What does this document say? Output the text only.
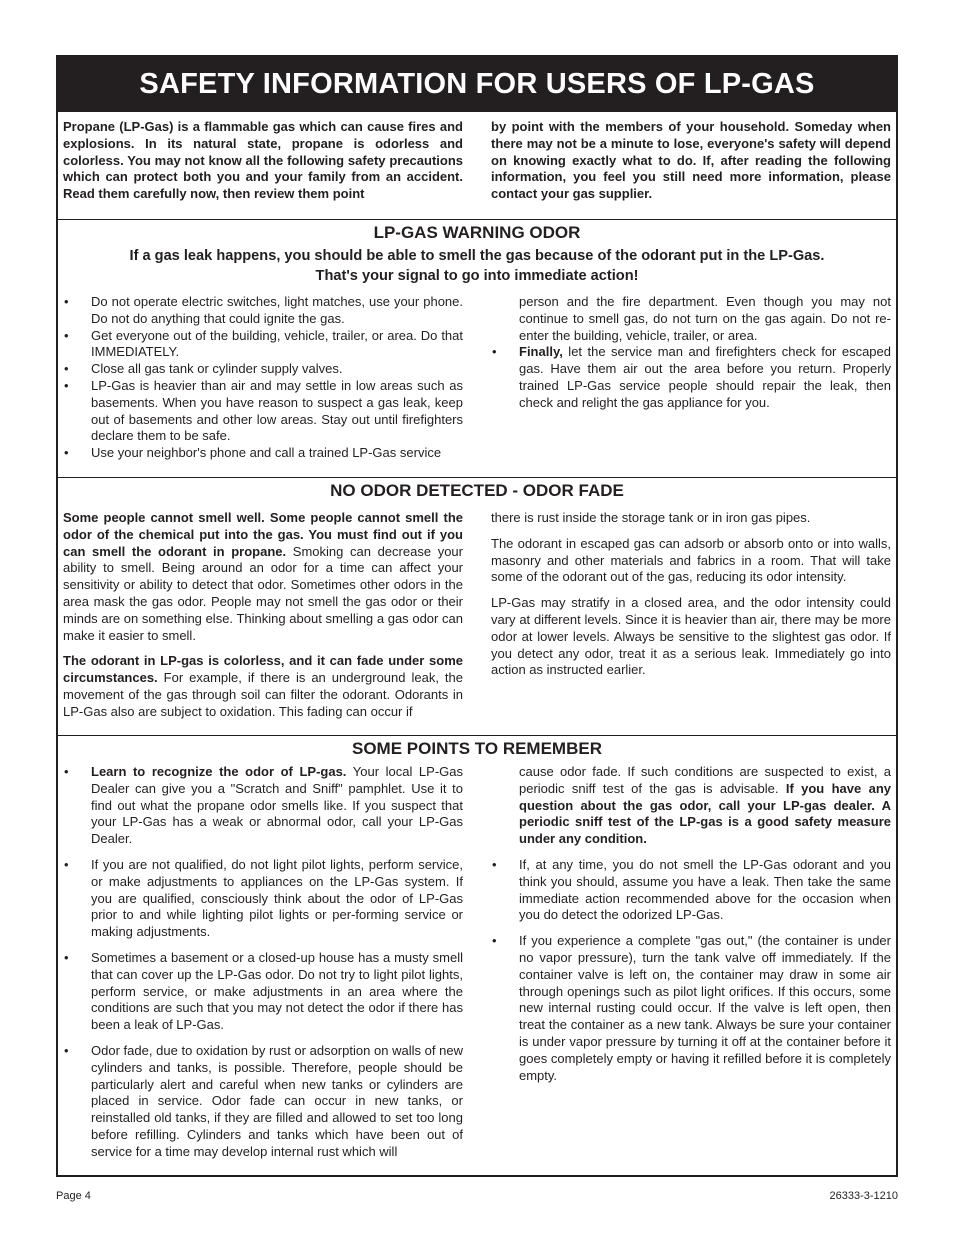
SAFETY INFORMATION FOR USERS OF LP-GAS
Propane (LP-Gas) is a flammable gas which can cause fires and explosions. In its natural state, propane is odorless and colorless. You may not know all the following safety precautions which can protect both you and your family from an accident. Read them carefully now, then review them point
by point with the members of your household. Someday when there may not be a minute to lose, everyone's safety will depend on knowing exactly what to do. If, after reading the following information, you feel you still need more information, please contact your gas supplier.
LP-GAS WARNING ODOR
If a gas leak happens, you should be able to smell the gas because of the odorant put in the LP-Gas.
That's your signal to go into immediate action!
• Do not operate electric switches, light matches, use your phone. Do not do anything that could ignite the gas.
• Get everyone out of the building, vehicle, trailer, or area. Do that IMMEDIATELY.
• Close all gas tank or cylinder supply valves.
• LP-Gas is heavier than air and may settle in low areas such as basements. When you have reason to suspect a gas leak, keep out of basements and other low areas. Stay out until firefighters declare them to be safe.
• Use your neighbor's phone and call a trained LP-Gas service
person and the fire department. Even though you may not continue to smell gas, do not turn on the gas again. Do not re-enter the building, vehicle, trailer, or area.
• Finally, let the service man and firefighters check for escaped gas. Have them air out the area before you return. Properly trained LP-Gas service people should repair the leak, then check and relight the gas appliance for you.
NO ODOR DETECTED - ODOR FADE

Some people cannot smell well. Some people cannot smell the odor of the chemical put into the gas. You must find out if you can smell the odorant in propane. Smoking can decrease your ability to smell. Being around an odor for a time can affect your sensitivity or ability to detect that odor. Sometimes other odors in the area mask the gas odor. People may not smell the gas odor or their minds are on something else. Thinking about smelling a gas odor can make it easier to smell.

The odorant in LP-gas is colorless, and it can fade under some circumstances. For example, if there is an underground leak, the movement of the gas through soil can filter the odorant. Odorants in LP-Gas also are subject to oxidation. This fading can occur if

there is rust inside the storage tank or in iron gas pipes.

The odorant in escaped gas can adsorb or absorb onto or into walls, masonry and other materials and fabrics in a room. That will take some of the odorant out of the gas, reducing its odor intensity.

LP-Gas may stratify in a closed area, and the odor intensity could vary at different levels. Since it is heavier than air, there may be more odor at lower levels. Always be sensitive to the slightest gas odor. If you detect any odor, treat it as a serious leak. Immediately go into action as instructed earlier.

SOME POINTS TO REMEMBER
• Learn to recognize the odor of LP-gas. Your local LP-Gas Dealer can give you a "Scratch and Sniff" pamphlet. Use it to find out what the propane odor smells like. If you suspect that your LP-Gas has a weak or abnormal odor, call your LP-Gas Dealer.
• If you are not qualified, do not light pilot lights, perform service, or make adjustments to appliances on the LP-Gas system. If you are qualified, consciously think about the odor of LP-Gas prior to and while lighting pilot lights or per-forming service or making adjustments.
• Sometimes a basement or a closed-up house has a musty smell that can cover up the LP-Gas odor. Do not try to light pilot lights, perform service, or make adjustments in an area where the conditions are such that you may not detect the odor if there has been a leak of LP-Gas.
• Odor fade, due to oxidation by rust or adsorption on walls of new cylinders and tanks, is possible. Therefore, people should be particularly alert and careful when new tanks or cylinders are placed in service. Odor fade can occur in new tanks, or reinstalled old tanks, if they are filled and allowed to set too long before refilling. Cylinders and tanks which have been out of service for a time may develop internal rust which will
cause odor fade. If such conditions are suspected to exist, a periodic sniff test of the gas is advisable. If you have any question about the gas odor, call your LP-gas dealer. A periodic sniff test of the LP-gas is a good safety measure under any condition.
• If, at any time, you do not smell the LP-Gas odorant and you think you should, assume you have a leak. Then take the same immediate action recommended above for the occasion when you do detect the odorized LP-Gas.
• If you experience a complete "gas out," (the container is under no vapor pressure), turn the tank valve off immediately. If the container valve is left on, the container may draw in some air through openings such as pilot light orifices. If this occurs, some new internal rusting could occur. If the valve is left open, then treat the container as a new tank. Always be sure your container is under vapor pressure by turning it off at the container before it goes completely empty or having it refilled before it is completely empty.
Page 4	26333-3-1210
